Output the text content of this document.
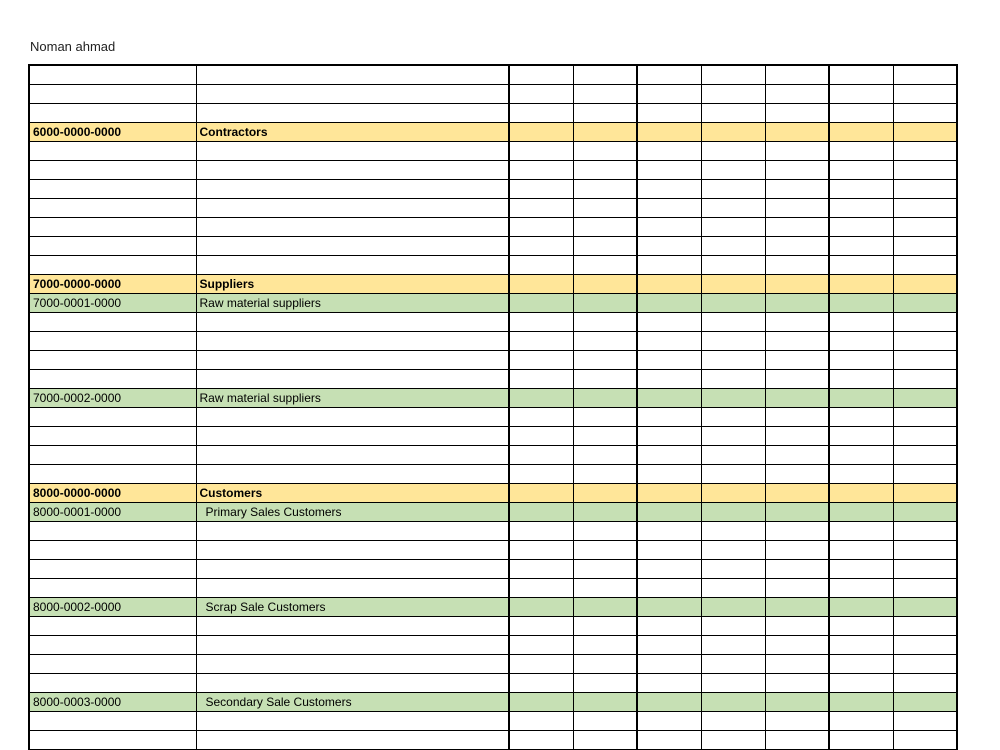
Noman ahmad

6000-0000-0000	Contractors							

7000-0000-0000	Suppliers							
7000-0001-0000	Raw material suppliers							

7000-0002-0000	Raw material suppliers							

8000-0000-0000	Customers							
8000-0001-0000	Primary Sales Customers							

8000-0002-0000	Scrap Sale Customers							

8000-0003-0000	Secondary Sale Customers							
